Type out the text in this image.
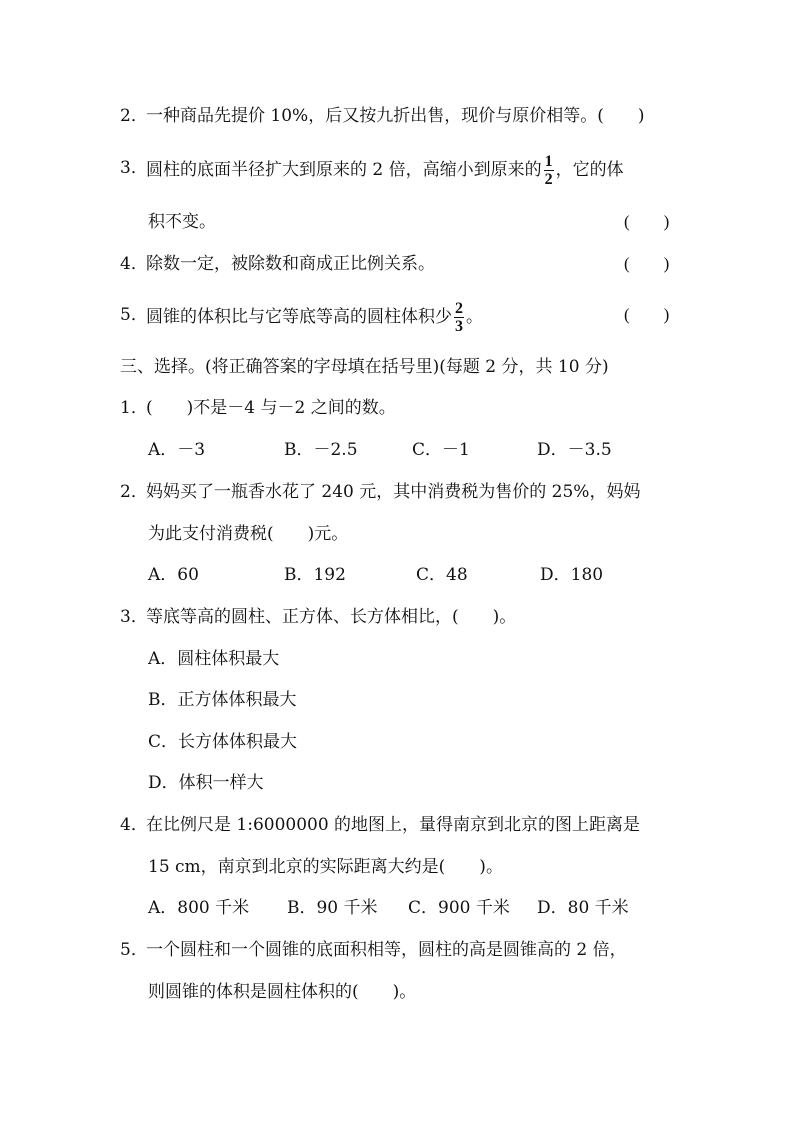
2．
一种商品先提价 10%，后又按九折出售，现价与原价相等。(　　)
3．
圆柱的底面半径扩大到原来的 2 倍，高缩小到原来的 $\frac{1}{2}$ ，它的体
积不变。	(　　)
4．
除数一定，被除数和商成正比例关系。	(　　)
5．
圆锥的体积比与它等底等高的圆柱体积少 $\frac{2}{3}$ 。	(　　)
三、选择。(将正确答案的字母填在括号里)(每题 2 分，共 10 分)
1．
(　　)不是－4 与－2 之间的数。
A．－3	B．－2.5	C．－1	D．－3.5
2．
妈妈买了一瓶香水花了 240 元，其中消费税为售价的 25%，妈妈
为此支付消费税(　　)元。
A．60	B．192	C．48	D．180
3．
等底等高的圆柱、正方体、长方体相比，(　　)。
A．圆柱体积最大
B．正方体体积最大
C．长方体体积最大
D．体积一样大
4．
在比例尺是 1:6000000 的地图上，量得南京到北京的图上距离是
15 cm，南京到北京的实际距离大约是(　　)。
A．800 千米 B．90 千米 C．900 千米 D．80 千米
5．
一个圆柱和一个圆锥的底面积相等，圆柱的高是圆锥高的 2 倍，
则圆锥的体积是圆柱体积的(　　)。
